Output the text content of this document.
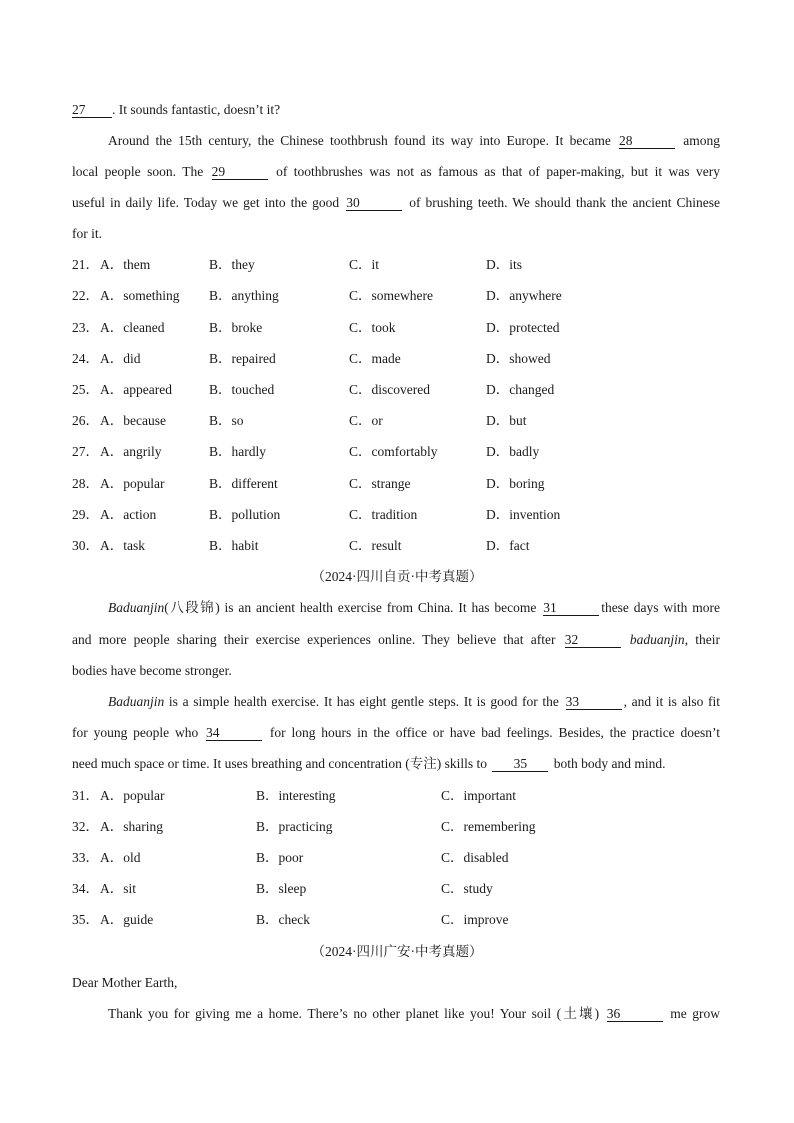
27 . It sounds fantastic, doesn’t it?
Around the 15th century, the Chinese toothbrush found its way into Europe. It became 28	among
local people soon. The 29	of toothbrushes was not as famous as that of paper-making, but it was very
useful in daily life. Today we get into the good 30	of brushing teeth. We should thank the ancient Chinese
for it.
21． A．them	B．they	C．it	D．its
22． A．something B．anything	C．somewhere	D．anywhere
23． A．cleaned	B．broke	C．took	D．protected
24． A．did	B．repaired	C．made	D．showed
25． A．appeared	B．touched	C．discovered	D．changed
26． A．because	B．so	C．or	D．but
27． A．angrily	B．hardly	C．comfortably	D．badly
28． A．popular	B．different	C．strange	D．boring
29． A．action	B．pollution	C．tradition	D．invention
30． A．task	B．habit	C．result	D．fact
（2024·四川自贡·中考真题）
Baduanjin(八段锦) is an ancient health exercise from China. It has become 31	these days with more
and more people sharing their exercise experiences online. They believe that after 32	baduanjin, their
bodies have become stronger.
Baduanjin is a simple health exercise. It has eight gentle steps. It is good for the 33	, and it is also fit
for young people who 34	for long hours in the office or have bad feelings. Besides, the practice doesn’t
need much space or time. It uses breathing and concentration (专注) skills to 35 both body and mind.
31． A．popular	B．interesting	C．important
32． A．sharing	B．practicing	C．remembering
33． A．old	B．poor	C．disabled
34． A．sit	B．sleep	C．study
35． A．guide	B．check	C．improve
（2024·四川广安·中考真题）
Dear Mother Earth,
Thank you for giving me a home. There’s no other planet like you! Your soil (土壤) 36	me grow
